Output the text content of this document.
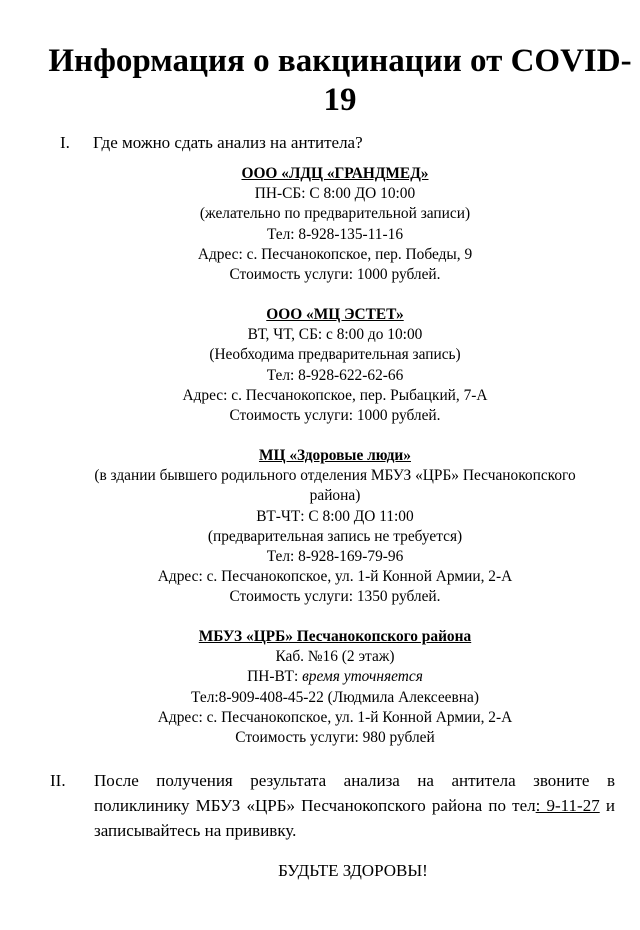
Информация о вакцинации от COVID-19
I. Где можно сдать анализ на антитела?

ООО «ЛДЦ «ГРАНДМЕД»

ПН-СБ: С 8:00 ДО 10:00

(желательно по предварительной записи)

Тел: 8-928-135-11-16

Адрес: с. Песчанокопское, пер. Победы, 9

Стоимость услуги: 1000 рублей.

ООО «МЦ ЭСТЕТ»

ВТ, ЧТ, СБ: с 8:00 до 10:00

(Необходима предварительная запись)

Тел: 8-928-622-62-66

Адрес: с. Песчанокопское, пер. Рыбацкий, 7-А

Стоимость услуги: 1000 рублей.

МЦ «Здоровые люди»

(в здании бывшего родильного отделения МБУЗ «ЦРБ» Песчанокопского

района)

ВТ-ЧТ: С 8:00 ДО 11:00

(предварительная запись не требуется)

Тел: 8-928-169-79-96

Адрес: с. Песчанокопское, ул. 1-й Конной Армии, 2-А

Стоимость услуги: 1350 рублей.

МБУЗ «ЦРБ» Песчанокопского района

Каб. №16 (2 этаж)

ПН-ВТ: время уточняется

Тел:8-909-408-45-22 (Людмила Алексеевна)

Адрес: с. Песчанокопское, ул. 1-й Конной Армии, 2-А

Стоимость услуги: 980 рублей

II. После получения результата анализа на антитела звоните в поликлинику МБУЗ «ЦРБ» Песчанокопского района по тел: 9-11-27 и записывайтесь на прививку.
БУДЬТЕ ЗДОРОВЫ!
